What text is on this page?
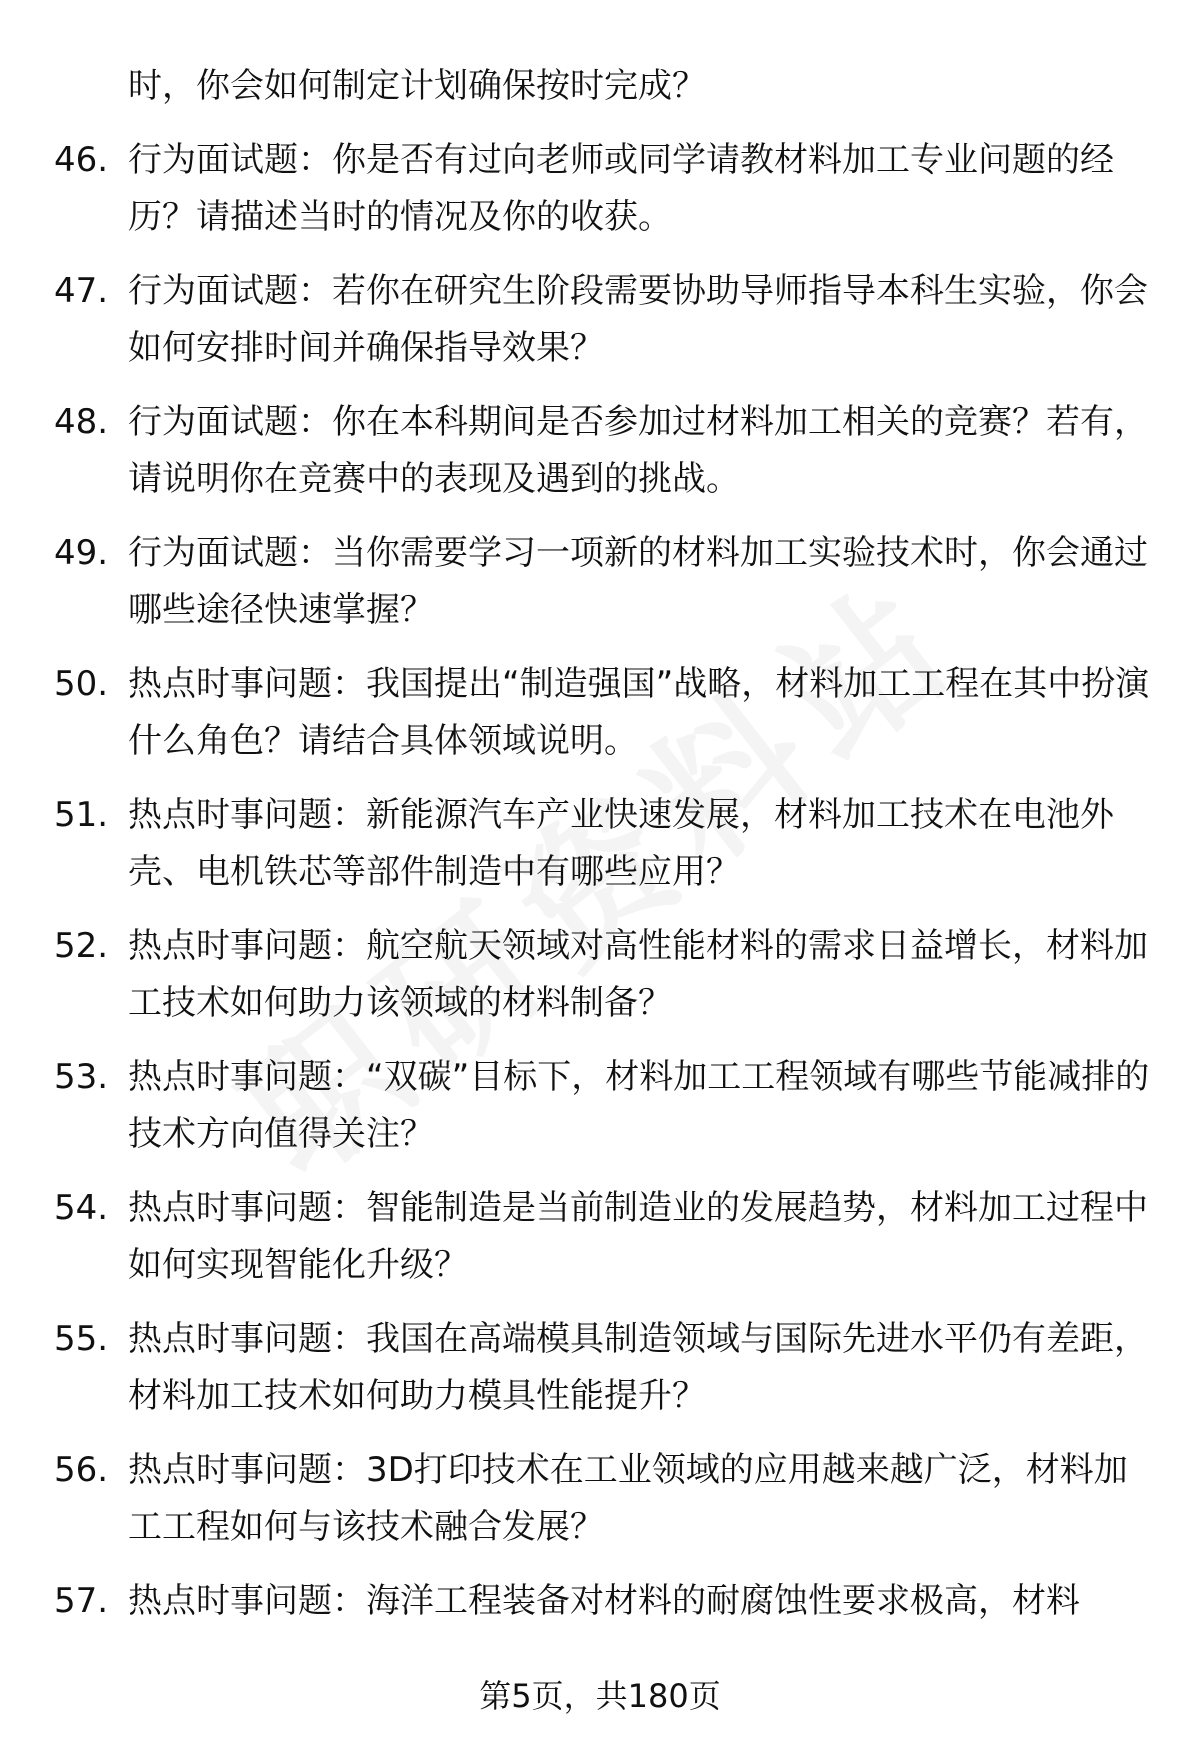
时，你会如何制定计划确保按时完成？
46. 行为面试题：你是否有过向老师或同学请教材料加工专业问题的经历？请描述当时的情况及你的收获。
47. 行为面试题：若你在研究生阶段需要协助导师指导本科生实验，你会如何安排时间并确保指导效果？
48. 行为面试题：你在本科期间是否参加过材料加工相关的竞赛？若有，请说明你在竞赛中的表现及遇到的挑战。
49. 行为面试题：当你需要学习一项新的材料加工实验技术时，你会通过哪些途径快速掌握？
50. 热点时事问题：我国提出“制造强国”战略，材料加工工程在其中扮演什么角色？请结合具体领域说明。
51. 热点时事问题：新能源汽车产业快速发展，材料加工技术在电池外壳、电机铁芯等部件制造中有哪些应用？
52. 热点时事问题：航空航天领域对高性能材料的需求日益增长，材料加工技术如何助力该领域的材料制备？
53. 热点时事问题：“双碳”目标下，材料加工工程领域有哪些节能减排的技术方向值得关注？
54. 热点时事问题：智能制造是当前制造业的发展趋势，材料加工过程中如何实现智能化升级？
55. 热点时事问题：我国在高端模具制造领域与国际先进水平仍有差距，材料加工技术如何助力模具性能提升？
56. 热点时事问题：3D打印技术在工业领域的应用越来越广泛，材料加工工程如何与该技术融合发展？
57. 热点时事问题：海洋工程装备对材料的耐腐蚀性要求极高，材料
第5页，共180页
